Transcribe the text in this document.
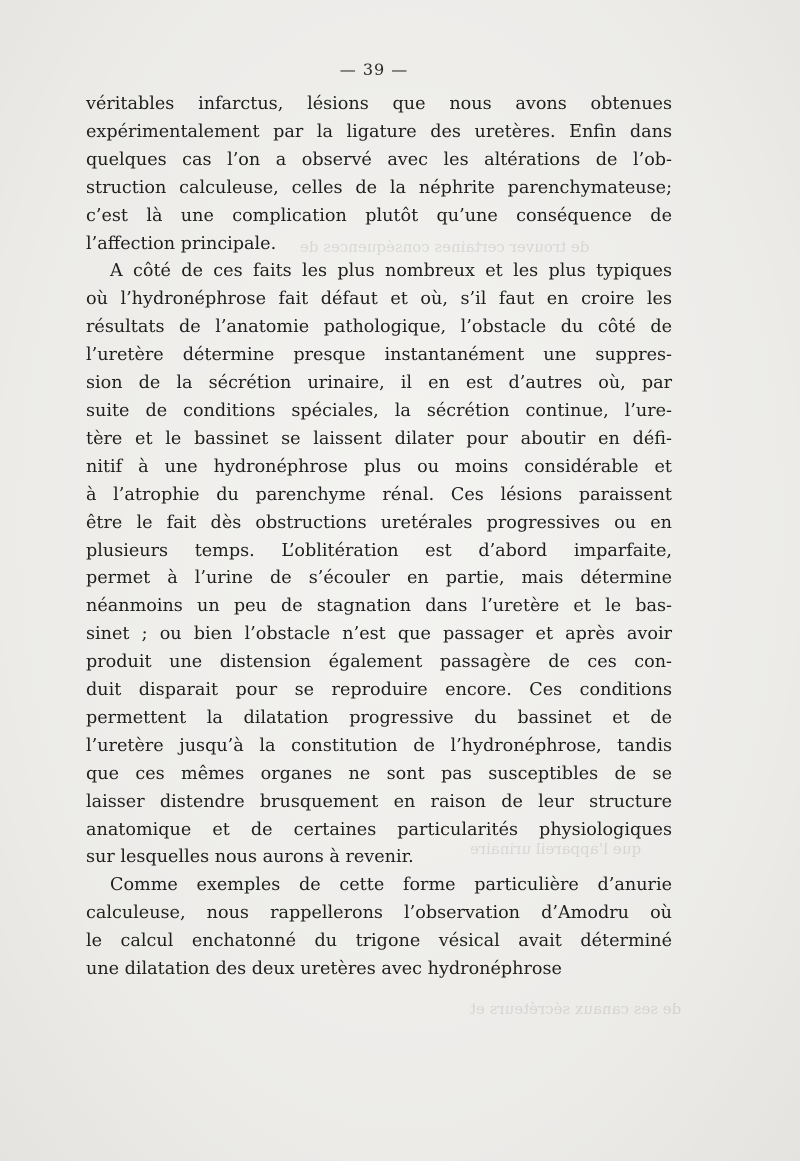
de trouver certaines conséquences de
que l’appareil urinaire
de ses canaux sécréteurs et
— 39 —

véritables infarctus, lésions que nous avons obtenues
expérimentalement par la ligature des uretères. Enfin dans
quelques cas l’on a observé avec les altérations de l’ob-
struction calculeuse, celles de la néphrite parenchymateuse;
c’est là une complication plutôt qu’une conséquence de
l’affection principale.

A côté de ces faits les plus nombreux et les plus typiques
où l’hydronéphrose fait défaut et où, s’il faut en croire les
résultats de l’anatomie pathologique, l’obstacle du côté de
l’uretère détermine presque instantanément une suppres-
sion de la sécrétion urinaire, il en est d’autres où, par
suite de conditions spéciales, la sécrétion continue, l’ure-
tère et le bassinet se laissent dilater pour aboutir en défi-
nitif à une hydronéphrose plus ou moins considérable et
à l’atrophie du parenchyme rénal. Ces lésions paraissent
être le fait dès obstructions uretérales progressives ou en
plusieurs temps. L’oblitération est d’abord imparfaite,
permet à l’urine de s’écouler en partie, mais détermine
néanmoins un peu de stagnation dans l’uretère et le bas-
sinet ; ou bien l’obstacle n’est que passager et après avoir
produit une distension également passagère de ces con-
duit disparait pour se reproduire encore. Ces conditions
permettent la dilatation progressive du bassinet et de
l’uretère jusqu’à la constitution de l’hydronéphrose, tandis
que ces mêmes organes ne sont pas susceptibles de se
laisser distendre brusquement en raison de leur structure
anatomique et de certaines particularités physiologiques
sur lesquelles nous aurons à revenir.

Comme exemples de cette forme particulière d’anurie
calculeuse, nous rappellerons l’observation d’Amodru où
le calcul enchatonné du trigone vésical avait déterminé
une dilatation des deux uretères avec hydronéphrose
